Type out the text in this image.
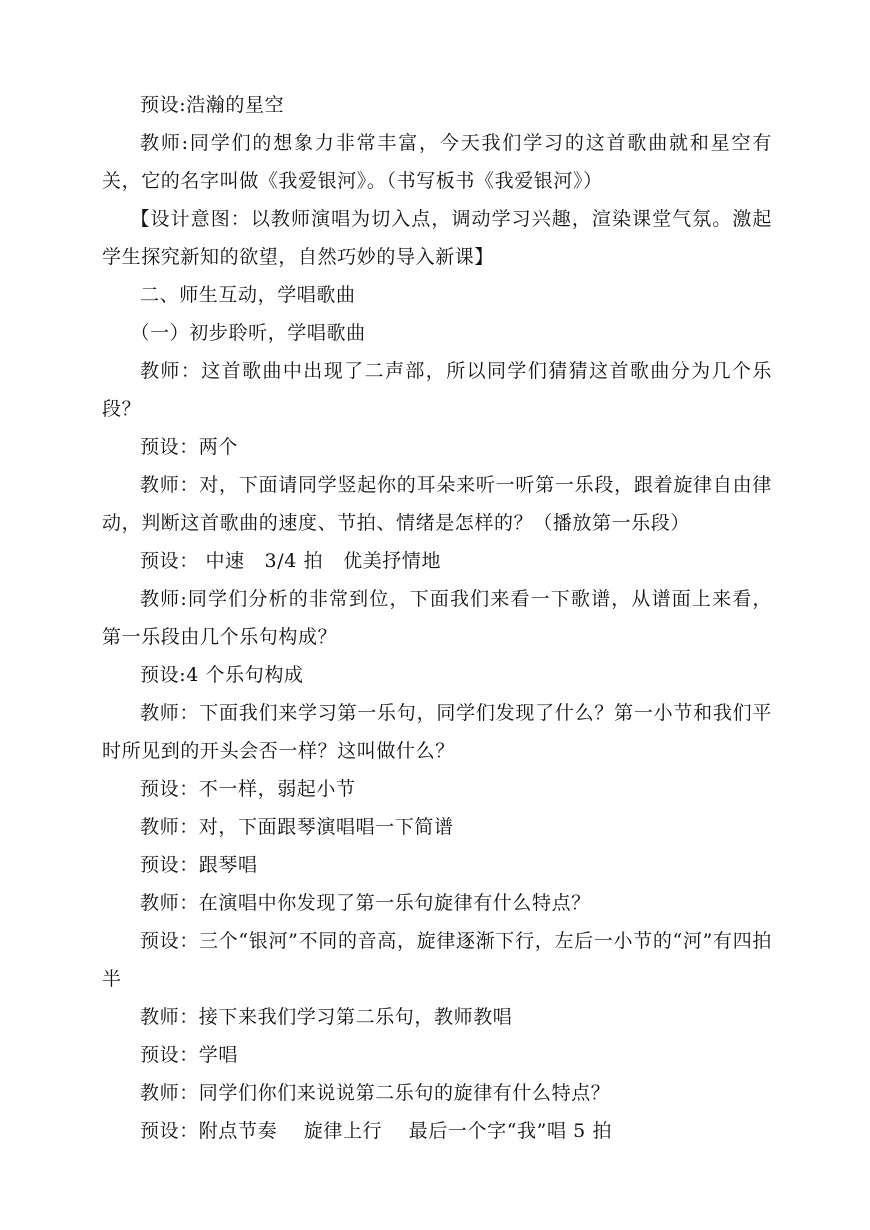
预设:浩瀚的星空

教师:同学们的想象力非常丰富，今天我们学习的这首歌曲就和星空有关，它的名字叫做《我爱银河》。（书写板书《我爱银河》）

【设计意图：以教师演唱为切入点，调动学习兴趣，渲染课堂气氛。激起学生探究新知的欲望，自然巧妙的导入新课】

二、师生互动，学唱歌曲

（一）初步聆听，学唱歌曲

教师：这首歌曲中出现了二声部，所以同学们猜猜这首歌曲分为几个乐段？

预设：两个

教师：对，下面请同学竖起你的耳朵来听一听第一乐段，跟着旋律自由律动，判断这首歌曲的速度、节拍、情绪是怎样的？（播放第一乐段）

预设： 中速   3/4 拍   优美抒情地

教师:同学们分析的非常到位，下面我们来看一下歌谱，从谱面上来看，第一乐段由几个乐句构成？

预设:4 个乐句构成

教师：下面我们来学习第一乐句，同学们发现了什么？第一小节和我们平时所见到的开头会否一样？这叫做什么？

预设：不一样，弱起小节

教师：对，下面跟琴演唱唱一下简谱

预设：跟琴唱

教师：在演唱中你发现了第一乐句旋律有什么特点？

预设：三个“银河”不同的音高，旋律逐渐下行，左后一小节的“河”有四拍半

教师：接下来我们学习第二乐句，教师教唱

预设：学唱

教师：同学们你们来说说第二乐句的旋律有什么特点？

预设：附点节奏    旋律上行    最后一个字“我”唱 5 拍
